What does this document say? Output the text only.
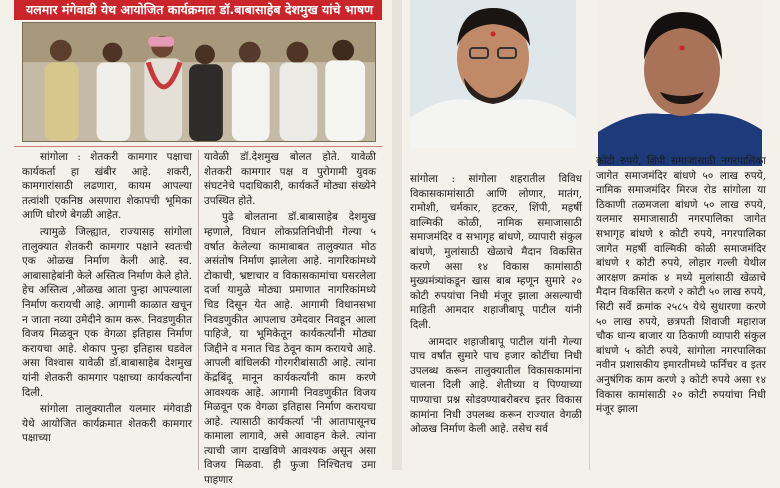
यलमार मंगेवाडी येथ आयोजित कार्यक्रमात डॉ.बाबासाहेब देशमुख यांचे भाषण

सांगोला : शेतकरी कामगार पक्षाचा कार्यकर्ता हा खंबीर आहे. शकरी, कामगारांसाठी लढणारा, कायम आपल्या तत्वांशी एकनिष्ठ असणारा शेकापची भूमिका आणि धोरणे बेगळी आहेत.

त्यामुळे जिल्ह्यात, राज्यासह सांगोला तालुक्यात शेतकरी कामगार पक्षाने स्वतःची एक ओळख निर्माण केली आहे. स्व. आबासाहेबांनी केले अस्तित्व निर्माण केले होते. हेच अस्तित्व ,ओळख आता पुन्हा आपल्याला निर्माण करायची आहे. आगामी काळात खचून न जाता नव्या उमेदीने काम करू. निवडणुकीत विजय मिळवून एक वेगळा इतिहास निर्माण करायचा आहे. शेकाप पुन्हा इतिहास घडवेल असा विश्वास यावेळी डॉ.बाबासाहेब देशमुख यांनी शेतकरी कामगार पक्षाच्या कार्यकर्त्यांना दिली.

सांगोला तालुक्यातील यलमार मंगेवाडी येथे आयोजित कार्यक्रमात शेतकरी कामगार पक्षाच्या

यावेळी डॉ.देशमुख बोलत होते. यावेळी शेतकरी कामगार पक्ष व पुरोगामी युवक संघटनेचे पदाधिकारी, कार्यकर्ते मोठ्या संख्येने उपस्थित होते.

पुढे बोलताना डॉ.बाबासाहेब देशमुख म्हणाले, विधान लोकप्रतिनिधीनी गेल्या ५ वर्षात केलेल्या कामाबाबत तालुक्यात मोठ असंतोष निर्माण झालेला आहे. नागरिकांमध्ये टोकाची, भ्रष्टाचार व विकासकामांचा घसरलेला दर्जा यामुळे मोठ्या प्रमाणात नागरिकांमध्ये चिड दिसून येत आहे. आगामी विधानसभा निवडणुकीत आपलाच उमेदवार निवडून आला पाहिजे, या भूमिकेतून कार्यकर्त्यांनी मोठ्या जिद्दीने व मनात चिड ठेवून काम करायचे आहे. आपली बांधिलकी गोरगरीबांसाठी आहे. त्यांना केंद्रबिंदू मानून कार्यकर्त्यांनी काम करणे आवश्यक आहे. आगामी निवडणुकीत विजय मिळवून एक वेगळा इतिहास निर्माण करायचा आहे. त्यासाठी कार्यकर्त्या 'नी आतापासूनच कामाला लागावे, असे आवाहन केले. त्यांना त्याची जाग दाखविणे आवश्यक असून असा विजय मिळवा. ही फुजा निश्चितच उमा पाहणार

सांगोला : सांगोला शहरातील विविध विकासकामांसाठी आणि लोणार, मातंग, रामोशी, चर्मकार, हटकर, शिंपी, महर्षी वाल्मिकी कोळी, नामिक समाजासाठी समाजमंदिर व सभागृह बांधणे, व्यापारी संकुल बांधणे, मुलांसाठी खेळाचे मैदान विकसित करणे असा १४ विकास कामांसाठी मुख्यमंत्र्यांकडून खास बाब म्हणून सुमारे २० कोटी रुपयांचा निधी मंजूर झाला असल्याची माहिती आमदार शहाजीबापू पाटील यांनी दिली.

आमदार शहाजीबापू पाटील यांनी गेल्या पाच वर्षांत सुमारे पाच हजार कोटींचा निधी उपलब्ध करून तालुक्यातील विकासकामांना चालना दिली आहे. शेतीच्या व पिण्याच्या पाण्याचा प्रश्न सोडवण्याबरोबरच इतर विकास कामांना निधी उपलब्ध करून राज्यात वेगळी ओळख निर्माण केली आहे. तसेच सर्व

कोटी रुपये, शिंपी समाजासाठी नगरपालिका जागेत समाजमंदिर बांधणे ५० लाख रुपये, नामिक समाजमंदिर मिरज रोड सांगोला या ठिकाणी तळमजला बांधणे ५० लाख रुपये, यलमार समाजासाठी नगरपालिका जागेत सभागृह बांधणे १ कोटी रुपये, नगरपालिका जागेत महर्षी वाल्मिकी कोळी समाजमंदिर बांधणे १ कोटी रुपये, लोहार गल्ली येथील आरक्षण क्रमांक ४ मध्ये मुलांसाठी खेळाचे मैदान विकसित करणे २ कोटी ५० लाख रुपये, सिटी सर्वे क्रमांक २५८५ येथे सुधारणा करणे ५० लाख रुपये, छत्रपती शिवाजी महाराज चौक धान्य बाजार या ठिकाणी व्यापारी संकुल बांधणे ५ कोटी रुपये, सांगोला नगरपालिका नवीन प्रशासकीय इमारतीमध्ये फर्निचर व इतर अनुषंगिक काम करणे ३ कोटी रुपये असा १४ विकास कामांसाठी २० कोटी रुपयांचा निधी मंजूर झाला
